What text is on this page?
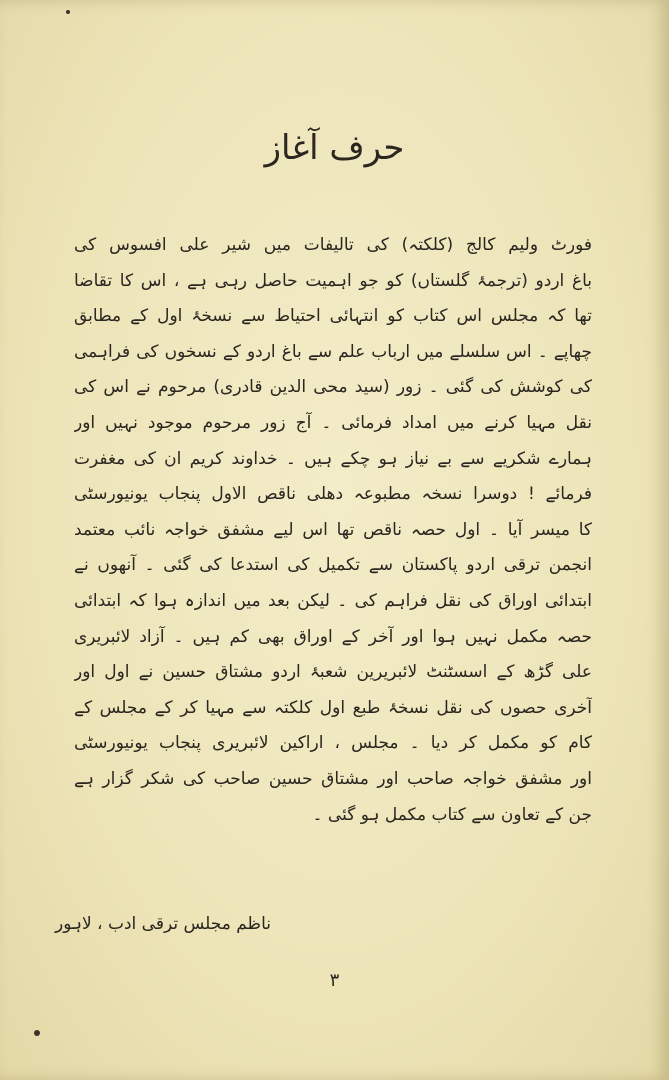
حرف آغاز
فورٹ ولیم کالج (کلکتہ) کی تالیفات میں شیر علی افسوس کی
باغ اردو (ترجمۂ گلستاں) کو جو اہمیت حاصل رہی ہے ، اس کا تقاضا
تھا کہ مجلس اس کتاب کو انتہائی احتیاط سے نسخۂ اول کے مطابق
چھاپے ۔ اس سلسلے میں ارباب علم سے باغ اردو کے نسخوں کی فراہمی
کی کوشش کی گئی ۔ زور (سید محی الدین قادری) مرحوم نے اس کی
نقل مہیا کرنے میں امداد فرمائی ۔ آج زور مرحوم موجود نہیں اور
ہمارے شکریے سے بے نیاز ہو چکے ہیں ۔ خداوند کریم ان کی مغفرت
فرمائے ! دوسرا نسخہ مطبوعہ دھلی ناقص الاول پنجاب یونیورسٹی
کا میسر آیا ۔ اول حصہ ناقص تھا اس لیے مشفق خواجہ نائب معتمد
انجمن ترقی اردو پاکستان سے تکمیل کی استدعا کی گئی ۔ آنھوں نے
ابتدائی اوراق کی نقل فراہم کی ۔ لیکن بعد میں اندازہ ہوا کہ ابتدائی
حصہ مکمل نہیں ہوا اور آخر کے اوراق بھی کم ہیں ۔ آزاد لائبریری
علی گڑھ کے اسسٹنٹ لائبریرین شعبۂ اردو مشتاق حسین نے اول اور
آخری حصوں کی نقل نسخۂ طبع اول کلکتہ سے مہیا کر کے مجلس کے
کام کو مکمل کر دیا ۔ مجلس ، اراکین لائبریری پنجاب یونیورسٹی
اور مشفق خواجہ صاحب اور مشتاق حسین صاحب کی شکر گزار ہے
جن کے تعاون سے کتاب مکمل ہو گئی ۔
ناظم مجلس ترقی ادب ، لاہور
۳
